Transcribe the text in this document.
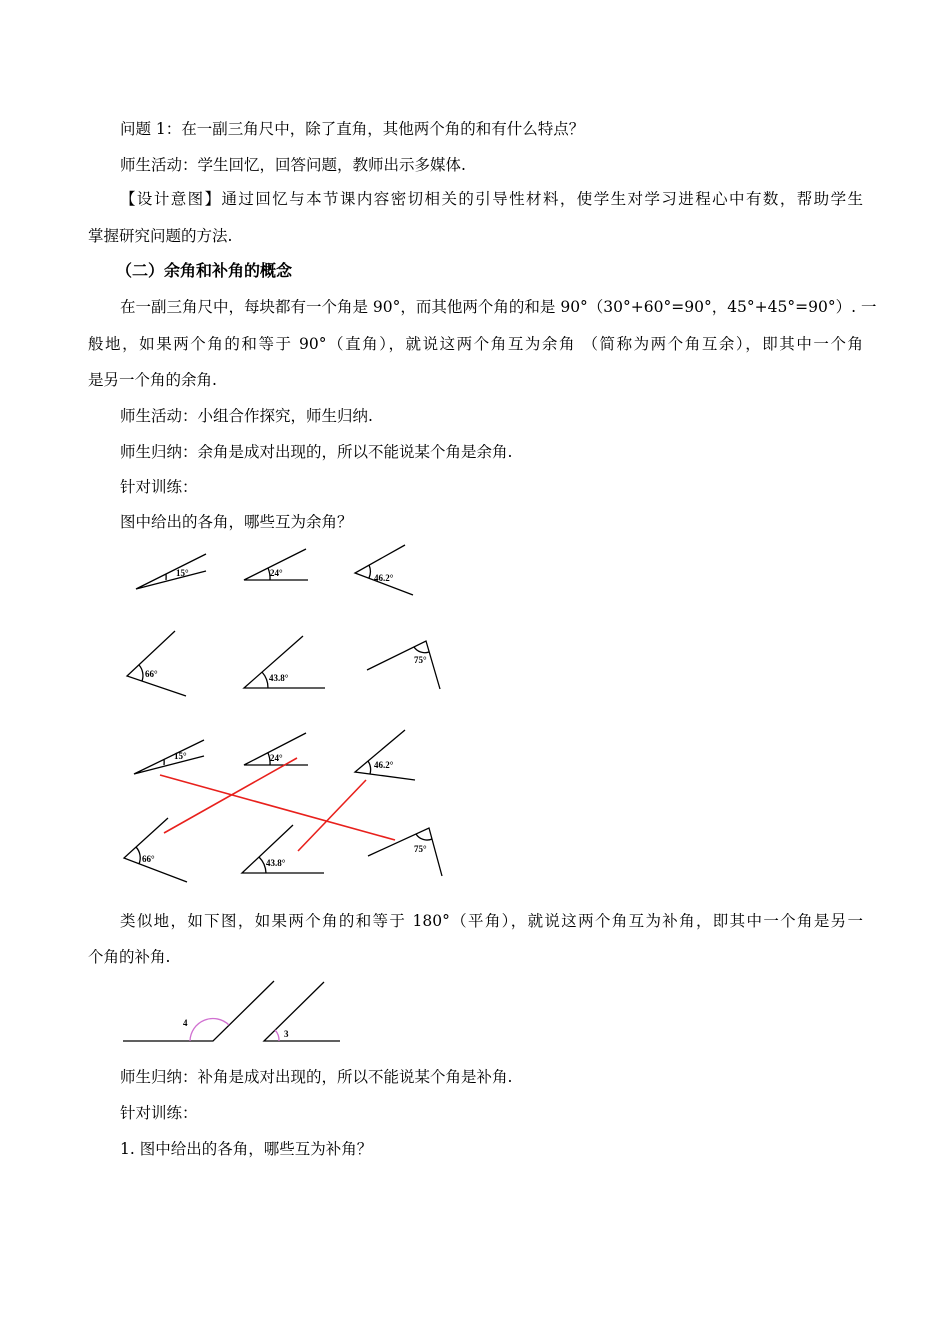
问题 1：在一副三角尺中，除了直角，其他两个角的和有什么特点？
师生活动：学生回忆，回答问题，教师出示多媒体.
【设计意图】通过回忆与本节课内容密切相关的引导性材料，使学生对学习进程心中有数，帮助学生
掌握研究问题的方法.
（二）余角和补角的概念
在一副三角尺中，每块都有一个角是 90°，而其他两个角的和是 90°（30°+60°=90°，45°+45°=90°）. 一
般地，如果两个角的和等于 90°（直角），就说这两个角互为余角 （简称为两个角互余），即其中一个角
是另一个角的余角.
师生活动：小组合作探究，师生归纳.
师生归纳：余角是成对出现的，所以不能说某个角是余角.
针对训练：
图中给出的各角，哪些互为余角？
类似地，如下图，如果两个角的和等于 180°（平角），就说这两个角互为补角，即其中一个角是另一
个角的补角.
师生归纳：补角是成对出现的，所以不能说某个角是补角.
针对训练：
1. 图中给出的各角，哪些互为补角？
15°	24°	46.2°
66°	43.8°
75°
15°	24°
46.2°
66°	43.8°
75°
4
3
